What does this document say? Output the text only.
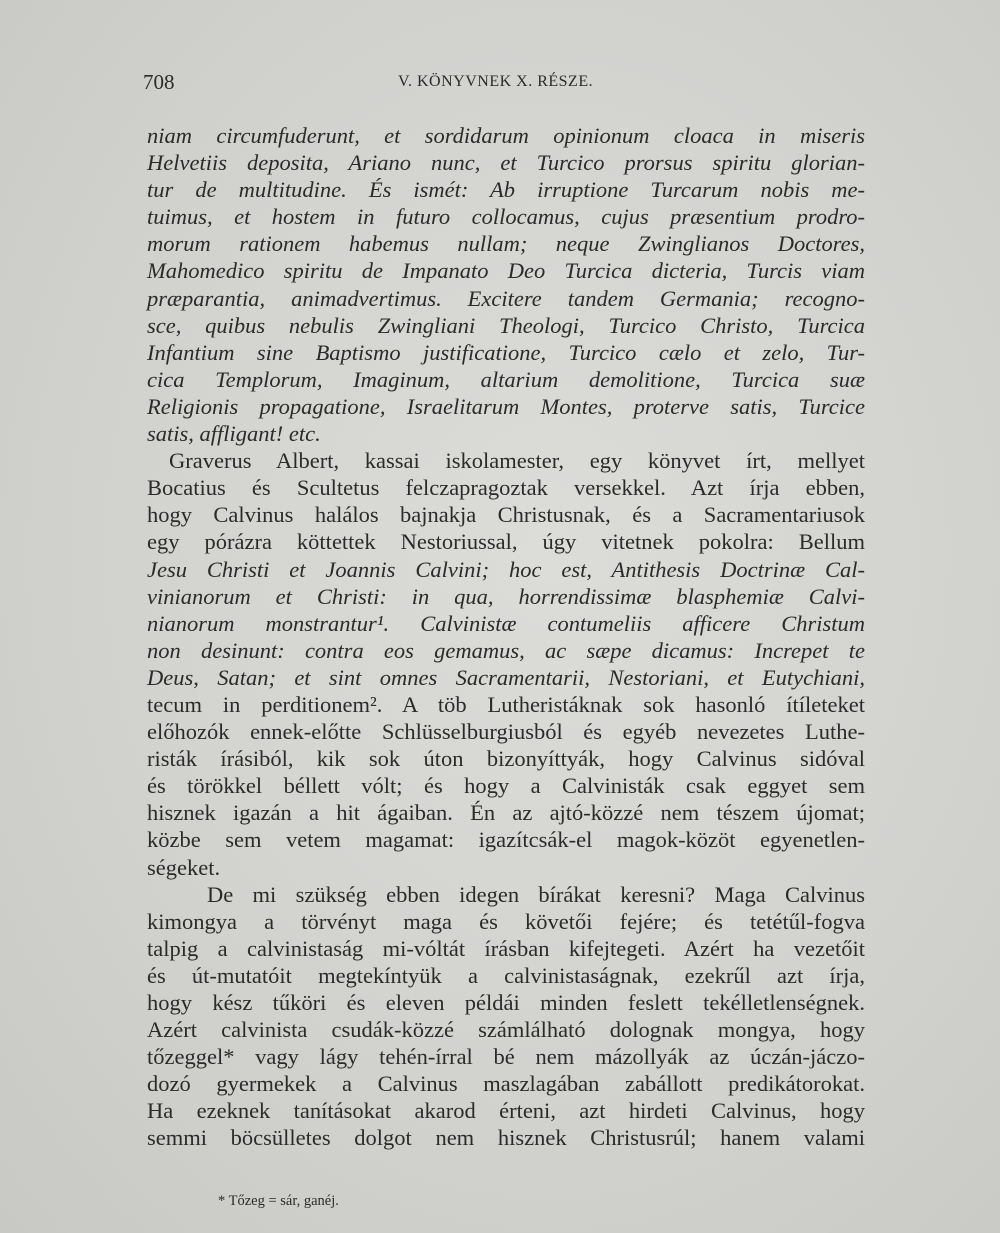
708	V. KÖNYVNEK X. RÉSZE.
niam circumfuderunt, et sordidarum opinionum cloaca in miseris
Helvetiis deposita, Ariano nunc, et Turcico prorsus spiritu glorian-
tur de multitudine. És ismét: Ab irruptione Turcarum nobis me-
tuimus, et hostem in futuro collocamus, cujus præsentium prodro-
morum rationem habemus nullam; neque Zwinglianos Doctores,
Mahomedico spiritu de Impanato Deo Turcica dicteria, Turcis viam
præparantia, animadvertimus. Excitere tandem Germania; recogno-
sce, quibus nebulis Zwingliani Theologi, Turcico Christo, Turcica
Infantium sine Baptismo justificatione, Turcico cælo et zelo, Tur-
cica Templorum, Imaginum, altarium demolitione, Turcica suæ
Religionis propagatione, Israelitarum Montes, proterve satis, Turcice
satis, affligant! etc.
Graverus Albert, kassai iskolamester, egy könyvet írt, mellyet
Bocatius és Scultetus felczapragoztak versekkel. Azt írja ebben,
hogy Calvinus halálos bajnakja Christusnak, és a Sacramentariusok
egy pórázra köttettek Nestoriussal, úgy vitetnek pokolra: Bellum
Jesu Christi et Joannis Calvini; hoc est, Antithesis Doctrinæ Cal-
vinianorum et Christi: in qua, horrendissimæ blasphemiæ Calvi-
nianorum monstrantur¹. Calvinistæ contumeliis afficere Christum
non desinunt: contra eos gemamus, ac sæpe dicamus: Increpet te
Deus, Satan; et sint omnes Sacramentarii, Nestoriani, et Eutychiani,
tecum in perditionem². A töb Lutheristáknak sok hasonló ítíleteket
előhozók ennek-előtte Schlüsselburgiusból és egyéb nevezetes Luthe-
risták írásiból, kik sok úton bizonyíttyák, hogy Calvinus sidóval
és törökkel béllett vólt; és hogy a Calvinisták csak eggyet sem
hisznek igazán a hit ágaiban. Én az ajtó-közzé nem tészem újomat;
közbe sem vetem magamat: igazítcsák-el magok-közöt egyenetlen-
ségeket.
De mi szükség ebben idegen bírákat keresni? Maga Calvinus
kimongya a törvényt maga és követői fejére; és tetétűl-fogva
talpig a calvinistaság mi-vóltát írásban kifejtegeti. Azért ha vezetőit
és út-mutatóit megtekíntyük a calvinistaságnak, ezekrűl azt írja,
hogy kész tűköri és eleven példái minden feslett tekélletlenségnek.
Azért calvinista csudák-közzé számlálható dolognak mongya, hogy
tőzeggel* vagy lágy tehén-írral bé nem mázollyák az úczán-jáczo-
dozó gyermekek a Calvinus maszlagában zabállott predikátorokat.
Ha ezeknek tanításokat akarod érteni, azt hirdeti Calvinus, hogy
semmi böcsülletes dolgot nem hisznek Christusrúl; hanem valami
* Tőzeg = sár, ganéj.
